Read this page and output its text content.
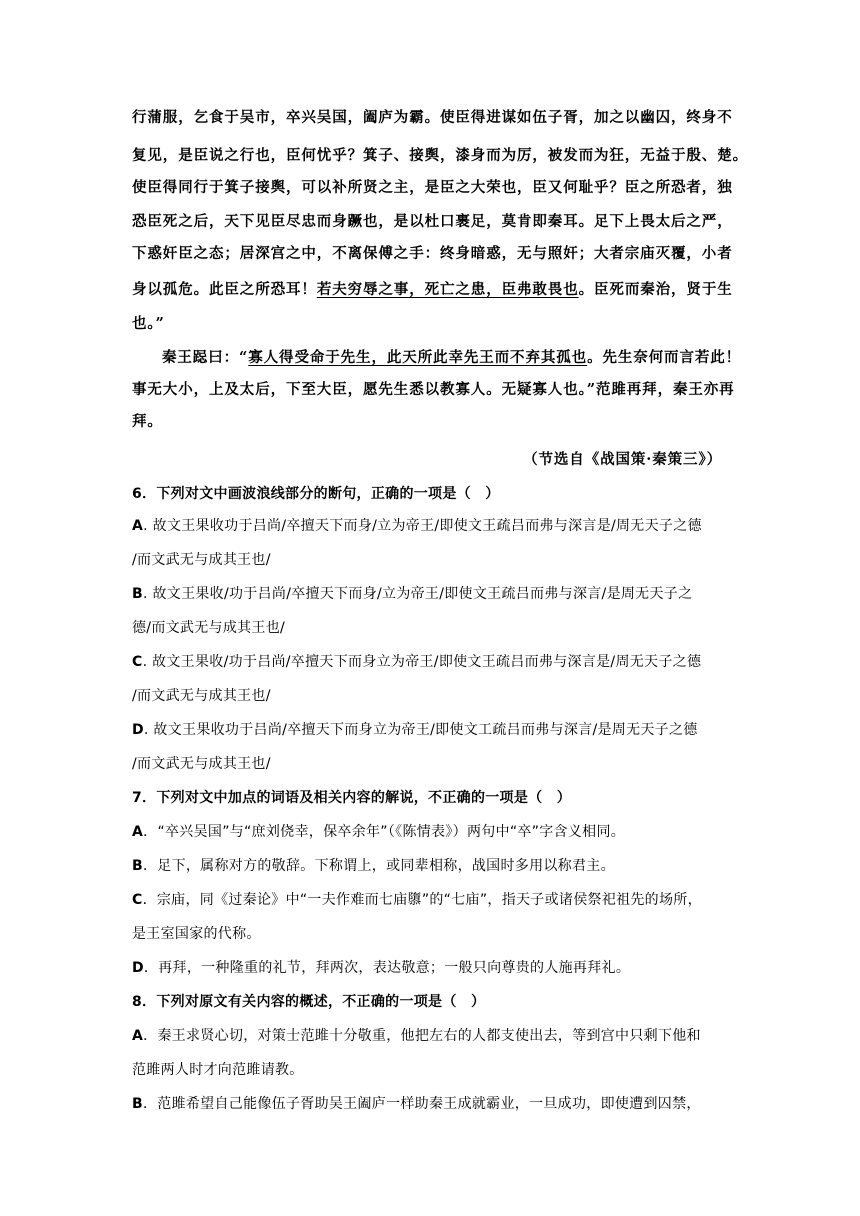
行蒲服，乞食于吴市，卒兴吴国，阖庐为霸。使臣得进谋如伍子胥，加之以幽囚，终身不
复见，是臣说之行也，臣何忧乎？箕子、接舆，漆身而为厉，被发而为狂，无益于殷、楚。
使臣得同行于箕子接舆，可以补所贤之主，是臣之大荣也，臣又何耻乎？臣之所恐者，独
恐臣死之后，天下见臣尽忠而身蹶也，是以杜口裹足，莫肯即秦耳。足下上畏太后之严，
下惑奸臣之态；居深宫之中，不离保傅之手：终身暗惑，无与照奸；大者宗庙灭覆，小者
身以孤危。此臣之所恐耳！若夫穷辱之事，死亡之患，臣弗敢畏也。臣死而秦治，贤于生
也。”
秦王跽曰：“寡人得受命于先生，此天所此幸先王而不弃其孤也。先生奈何而言若此！
事无大小，上及太后，下至大臣，愿先生悉以教寡人。无疑寡人也。”范雎再拜，秦王亦再
拜。
（节选自《战国策·秦策三》）
6．下列对文中画波浪线部分的断句，正确的一项是（　）
A. 故文王果收功于吕尚/卒擅天下而身/立为帝王/即使文王疏吕而弗与深言是/周无天子之德
/而文武无与成其王也/
B. 故文王果收/功于吕尚/卒擅天下而身/立为帝王/即使文王疏吕而弗与深言/是周无天子之
德/而文武无与成其王也/
C. 故文王果收/功于吕尚/卒擅天下而身立为帝王/即使文王疏吕而弗与深言是/周无天子之德
/而文武无与成其王也/
D. 故文王果收功于吕尚/卒擅天下而身立为帝王/即使文工疏吕而弗与深言/是周无天子之德
/而文武无与成其王也/
7．下列对文中加点的词语及相关内容的解说，不正确的一项是（　）
A．“卒兴吴国”与“庶刘侥幸，保卒余年”（《陈情表》）两句中“卒”字含义相同。
B．足下，属称对方的敬辞。下称谓上，或同辈相称，战国时多用以称君主。
C．宗庙，同《过秦论》中“一夫作难而七庙隳”的“七庙”，指天子或诸侯祭祀祖先的场所，
是王室国家的代称。
D．再拜，一种隆重的礼节，拜两次，表达敬意；一般只向尊贵的人施再拜礼。
8．下列对原文有关内容的概述，不正确的一项是（　）
A．秦王求贤心切，对策士范雎十分敬重，他把左右的人都支使出去，等到宫中只剩下他和
范雎两人时才向范雎请教。
B．范雎希望自己能像伍子胥助吴王阖庐一样助秦王成就霸业，一旦成功，即使遭到囚禁，
